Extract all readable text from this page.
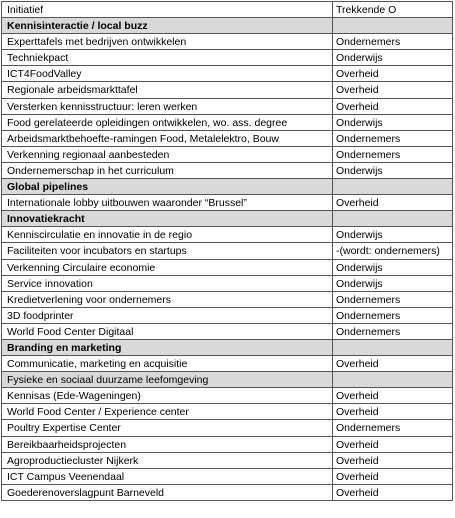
Initiatief	Trekkende O
Kennisinteractie / local buzz
Experttafels met bedrijven ontwikkelen	Ondernemers
Techniekpact	Onderwijs
ICT4FoodValley	Overheid
Regionale arbeidsmarkttafel	Overheid
Versterken kennisstructuur: leren werken	Overheid
Food gerelateerde opleidingen ontwikkelen, wo. ass. degree	Onderwijs
Arbeidsmarktbehoefte-ramingen Food, Metalelektro, Bouw	Ondernemers
Verkenning regionaal aanbesteden	Ondernemers
Ondernemerschap in het curriculum	Onderwijs
Global pipelines
Internationale lobby uitbouwen waaronder “Brussel”	Overheid
Innovatiekracht
Kenniscirculatie en innovatie in de regio	Onderwijs
Faciliteiten voor incubators en startups	-(wordt: ondernemers)
Verkenning Circulaire economie	Onderwijs
Service innovation	Onderwijs
Kredietverlening voor ondernemers	Ondernemers
3D foodprinter	Ondernemers
World Food Center Digitaal	Ondernemers
Branding en marketing
Communicatie, marketing en acquisitie	Overheid
Fysieke en sociaal duurzame leefomgeving
Kennisas (Ede-Wageningen)	Overheid
World Food Center / Experience center	Overheid
Poultry Expertise Center	Ondernemers
Bereikbaarheidsprojecten	Overheid
Agroproductiecluster Nijkerk	Overheid
ICT Campus Veenendaal	Overheid
Goederenoverslagpunt Barneveld	Overheid
